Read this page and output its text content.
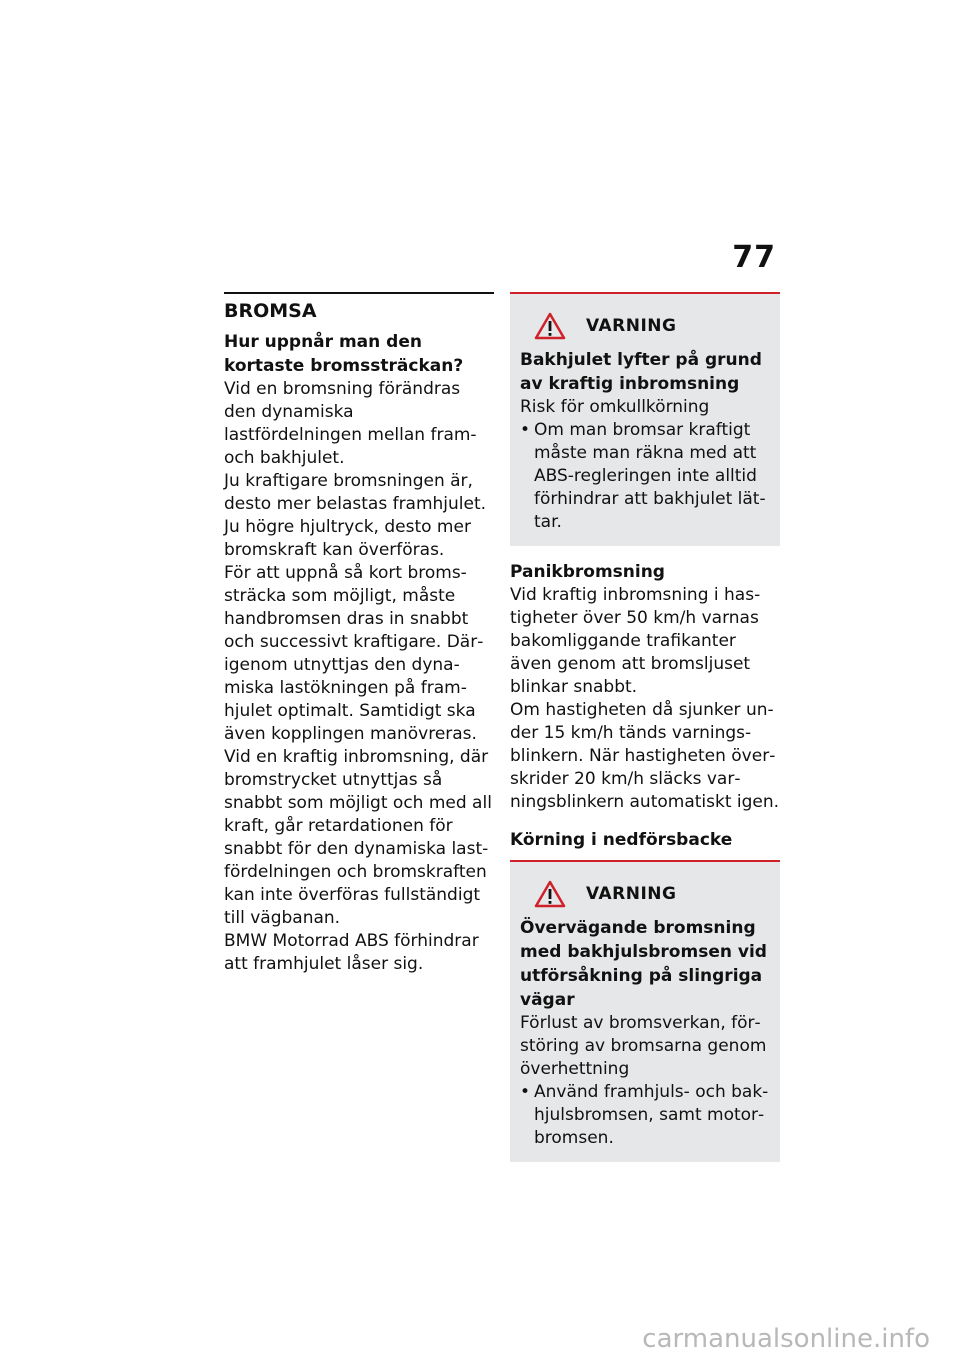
77
BROMSA

Hur uppnår man den kortaste bromssträckan?

Vid en bromsning förändras den dynamiska lastfördelningen mellan fram- och bakhjulet.

Ju kraftigare bromsningen är, desto mer belastas framhjulet.

Ju högre hjultryck, desto mer bromskraft kan överföras.

För att uppnå så kort bromssträcka som möjligt, måste handbromsen dras in snabbt och successivt kraftigare. Därigenom utnyttjas den dynamiska lastökningen på framhjulet optimalt. Samtidigt ska även kopplingen manövreras.

Vid en kraftig inbromsning, där bromstrycket utnyttjas så snabbt som möjligt och med all kraft, går retardationen för snabbt för den dynamiska lastfördelningen och bromskraften kan inte överföras fullständigt till vägbanan.

BMW Motorrad ABS förhindrar att framhjulet låser sig.

VARNING

Bakhjulet lyfter på grund av kraftig inbromsning

Risk för omkullkörning

• Om man bromsar kraftigt måste man räkna med att ABS-regleringen inte alltid förhindrar att bakhjulet lättar.

Panikbromsning

Vid kraftig inbromsning i hastigheter över 50 km/h varnas bakomliggande trafikanter även genom att bromsljuset blinkar snabbt.

Om hastigheten då sjunker under 15 km/h tänds varningsblinkern. När hastigheten överskrider 20 km/h släcks varningsblinkern automatiskt igen.

Körning i nedförsbacke

VARNING

Övervägande bromsning med bakhjulsbromsen vid utförsåkning på slingriga vägar

Förlust av bromsverkan, förstöring av bromsarna genom överhettning

• Använd framhjuls- och bakhjulsbromsen, samt motorbromsen.
carmanualsonline.info
